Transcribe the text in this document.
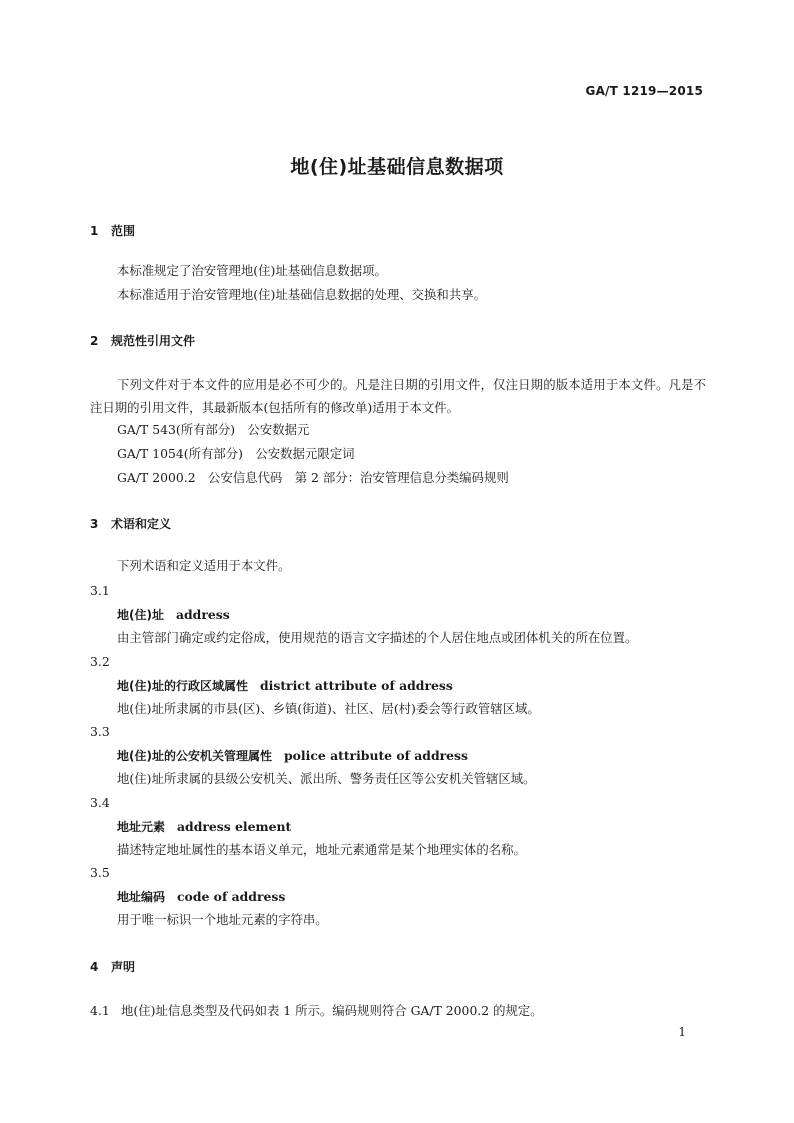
GA/T 1219—2015
地(住)址基础信息数据项
1 范围
本标准规定了治安管理地(住)址基础信息数据项。
本标准适用于治安管理地(住)址基础信息数据的处理、交换和共享。
2 规范性引用文件
下列文件对于本文件的应用是必不可少的。凡是注日期的引用文件，仅注日期的版本适用于本文件。凡是不注日期的引用文件，其最新版本(包括所有的修改单)适用于本文件。
GA/T 543(所有部分)　 公安数据元
GA/T 1054(所有部分)　 公安数据元限定词
GA/T 2000.2　 公安信息代码　第 2 部分：治安管理信息分类编码规则
3 术语和定义
下列术语和定义适用于本文件。
3.1
地(住)址 address
由主管部门确定或约定俗成，使用规范的语言文字描述的个人居住地点或团体机关的所在位置。
3.2
地(住)址的行政区域属性 district attribute of address
地(住)址所隶属的市县(区)、乡镇(街道)、社区、居(村)委会等行政管辖区域。
3.3
地(住)址的公安机关管理属性 police attribute of address
地(住)址所隶属的县级公安机关、派出所、警务责任区等公安机关管辖区域。
3.4
地址元素 address element
描述特定地址属性的基本语义单元，地址元素通常是某个地理实体的名称。
3.5
地址编码 code of address
用于唯一标识一个地址元素的字符串。
4 声明
4.1 地(住)址信息类型及代码如表 1 所示。编码规则符合 GA/T 2000.2 的规定。
1
